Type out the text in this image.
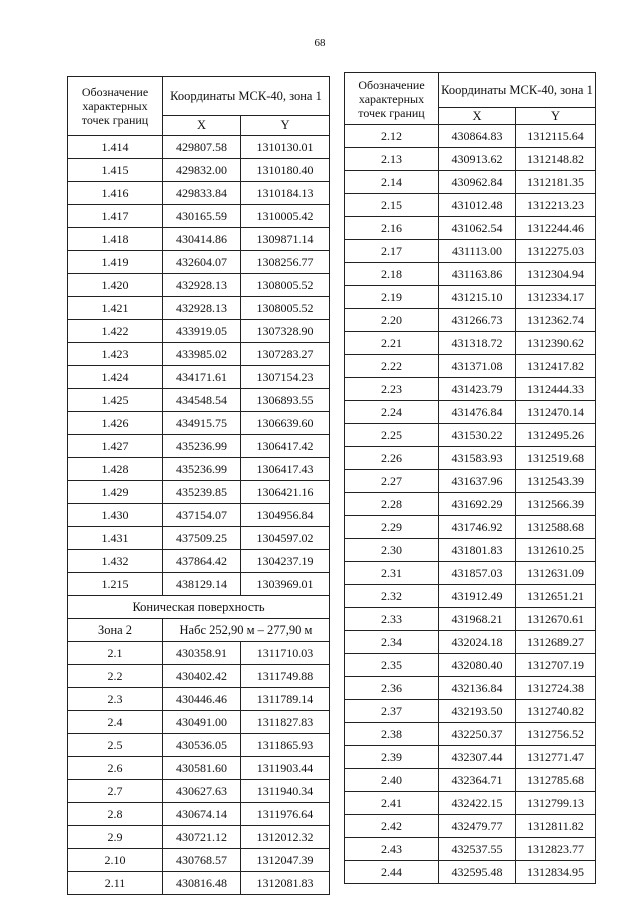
68
Обозначение характерных точек границ	Координаты МСК-40, зона 1	
	X	Y
1.414	429807.58	1310130.01
1.415	429832.00	1310180.40
1.416	429833.84	1310184.13
1.417	430165.59	1310005.42
1.418	430414.86	1309871.14
1.419	432604.07	1308256.77
1.420	432928.13	1308005.52
1.421	432928.13	1308005.52
1.422	433919.05	1307328.90
1.423	433985.02	1307283.27
1.424	434171.61	1307154.23
1.425	434548.54	1306893.55
1.426	434915.75	1306639.60
1.427	435236.99	1306417.42
1.428	435236.99	1306417.43
1.429	435239.85	1306421.16
1.430	437154.07	1304956.84
1.431	437509.25	1304597.02
1.432	437864.42	1304237.19
1.215	438129.14	1303969.01
Коническая поверхность		
Зона 2	Набс 252,90 м – 277,90 м	
2.1	430358.91	1311710.03
2.2	430402.42	1311749.88
2.3	430446.46	1311789.14
2.4	430491.00	1311827.83
2.5	430536.05	1311865.93
2.6	430581.60	1311903.44
2.7	430627.63	1311940.34
2.8	430674.14	1311976.64
2.9	430721.12	1312012.32
2.10	430768.57	1312047.39
2.11	430816.48	1312081.83
Обозначение характерных точек границ	Координаты МСК-40, зона 1	
	X	Y
2.12	430864.83	1312115.64
2.13	430913.62	1312148.82
2.14	430962.84	1312181.35
2.15	431012.48	1312213.23
2.16	431062.54	1312244.46
2.17	431113.00	1312275.03
2.18	431163.86	1312304.94
2.19	431215.10	1312334.17
2.20	431266.73	1312362.74
2.21	431318.72	1312390.62
2.22	431371.08	1312417.82
2.23	431423.79	1312444.33
2.24	431476.84	1312470.14
2.25	431530.22	1312495.26
2.26	431583.93	1312519.68
2.27	431637.96	1312543.39
2.28	431692.29	1312566.39
2.29	431746.92	1312588.68
2.30	431801.83	1312610.25
2.31	431857.03	1312631.09
2.32	431912.49	1312651.21
2.33	431968.21	1312670.61
2.34	432024.18	1312689.27
2.35	432080.40	1312707.19
2.36	432136.84	1312724.38
2.37	432193.50	1312740.82
2.38	432250.37	1312756.52
2.39	432307.44	1312771.47
2.40	432364.71	1312785.68
2.41	432422.15	1312799.13
2.42	432479.77	1312811.82
2.43	432537.55	1312823.77
2.44	432595.48	1312834.95
